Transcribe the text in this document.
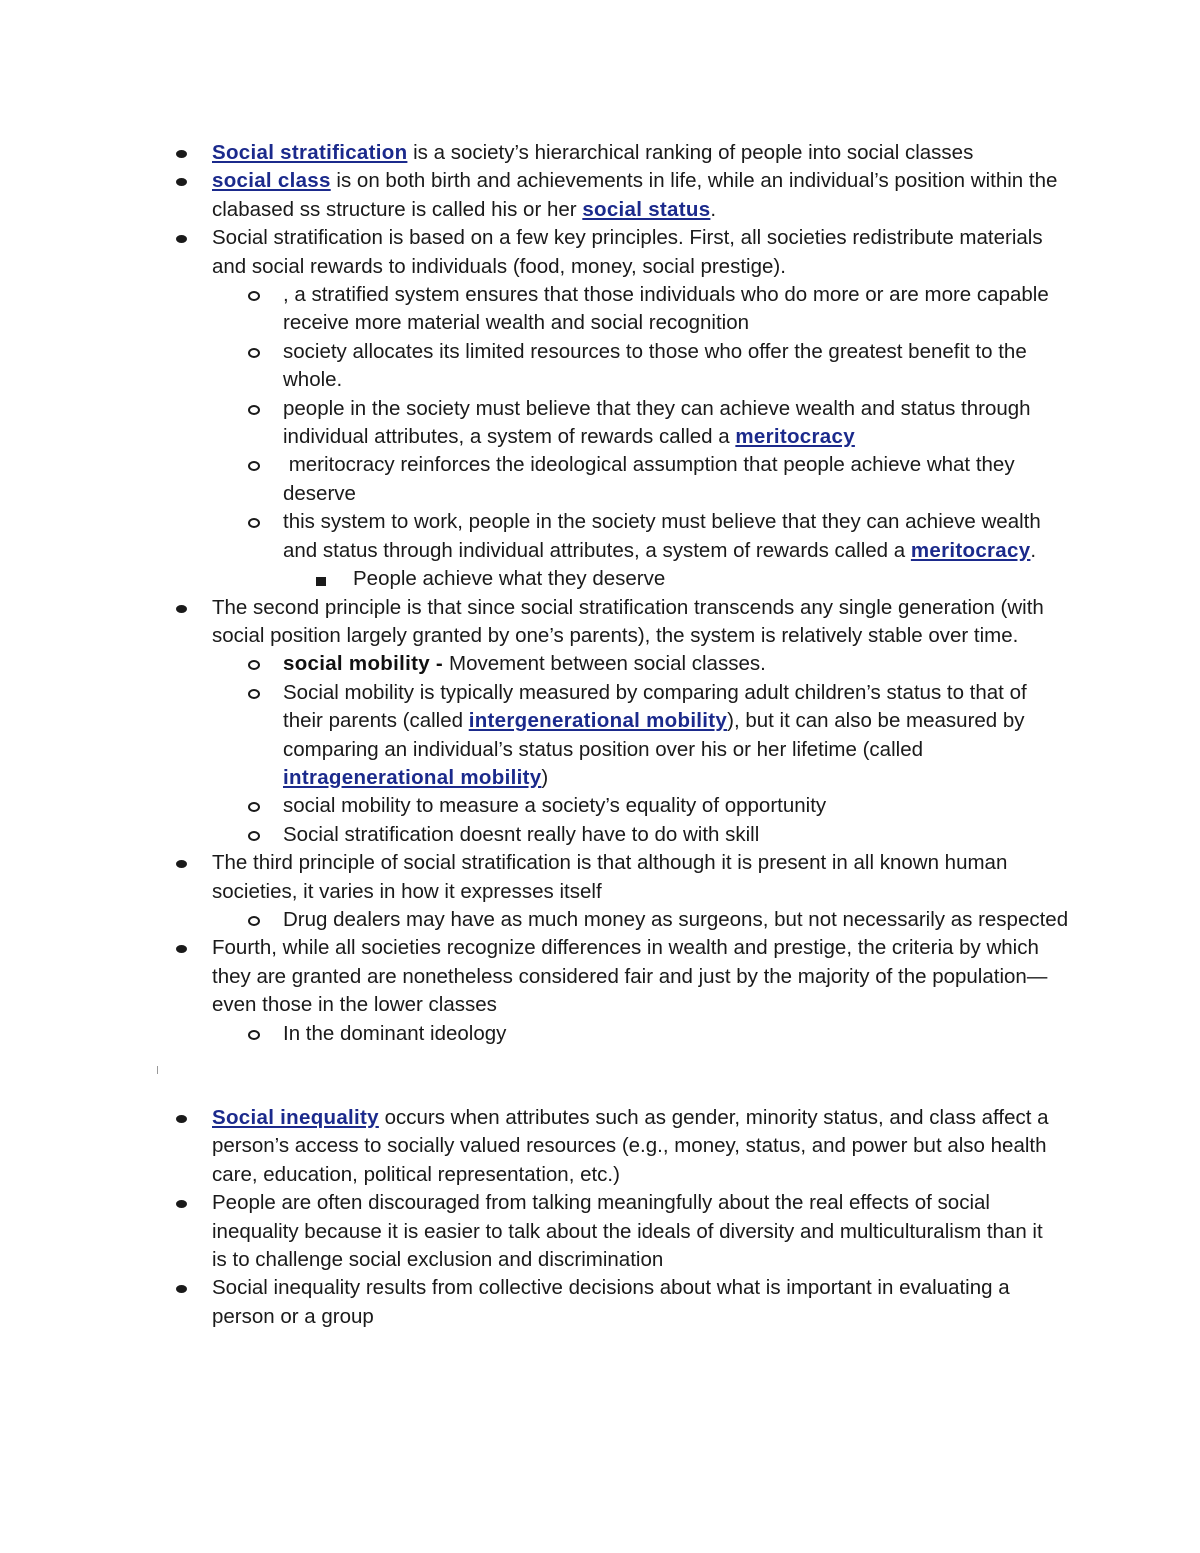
Social stratification is a society’s hierarchical ranking of people into social classes

social class is on both birth and achievements in life, while an individual’s position within the clabased ss structure is called his or her social status.

Social stratification is based on a few key principles. First, all societies redistribute materials and social rewards to individuals (food, money, social prestige).

, a stratified system ensures that those individuals who do more or are more capable receive more material wealth and social recognition

society allocates its limited resources to those who offer the greatest benefit to the whole.

people in the society must believe that they can achieve wealth and status through individual attributes, a system of rewards called a meritocracy

meritocracy reinforces the ideological assumption that people achieve what they deserve

this system to work, people in the society must believe that they can achieve wealth and status through individual attributes, a system of rewards called a meritocracy.

People achieve what they deserve

The second principle is that since social stratification transcends any single generation (with social position largely granted by one’s parents), the system is relatively stable over time.

social mobility - Movement between social classes.

Social mobility is typically measured by comparing adult children’s status to that of their parents (called intergenerational mobility), but it can also be measured by comparing an individual’s status position over his or her lifetime (called intragenerational mobility)

social mobility to measure a society’s equality of opportunity

Social stratification doesnt really have to do with skill

The third principle of social stratification is that although it is present in all known human societies, it varies in how it expresses itself

Drug dealers may have as much money as surgeons, but not necessarily as respected

Fourth, while all societies recognize differences in wealth and prestige, the criteria by which they are granted are nonetheless considered fair and just by the majority of the population—even those in the lower classes

In the dominant ideology

Social inequality occurs when attributes such as gender, minority status, and class affect a person’s access to socially valued resources (e.g., money, status, and power but also health care, education, political representation, etc.)

People are often discouraged from talking meaningfully about the real effects of social inequality because it is easier to talk about the ideals of diversity and multiculturalism than it is to challenge social exclusion and discrimination

Social inequality results from collective decisions about what is important in evaluating a person or a group
